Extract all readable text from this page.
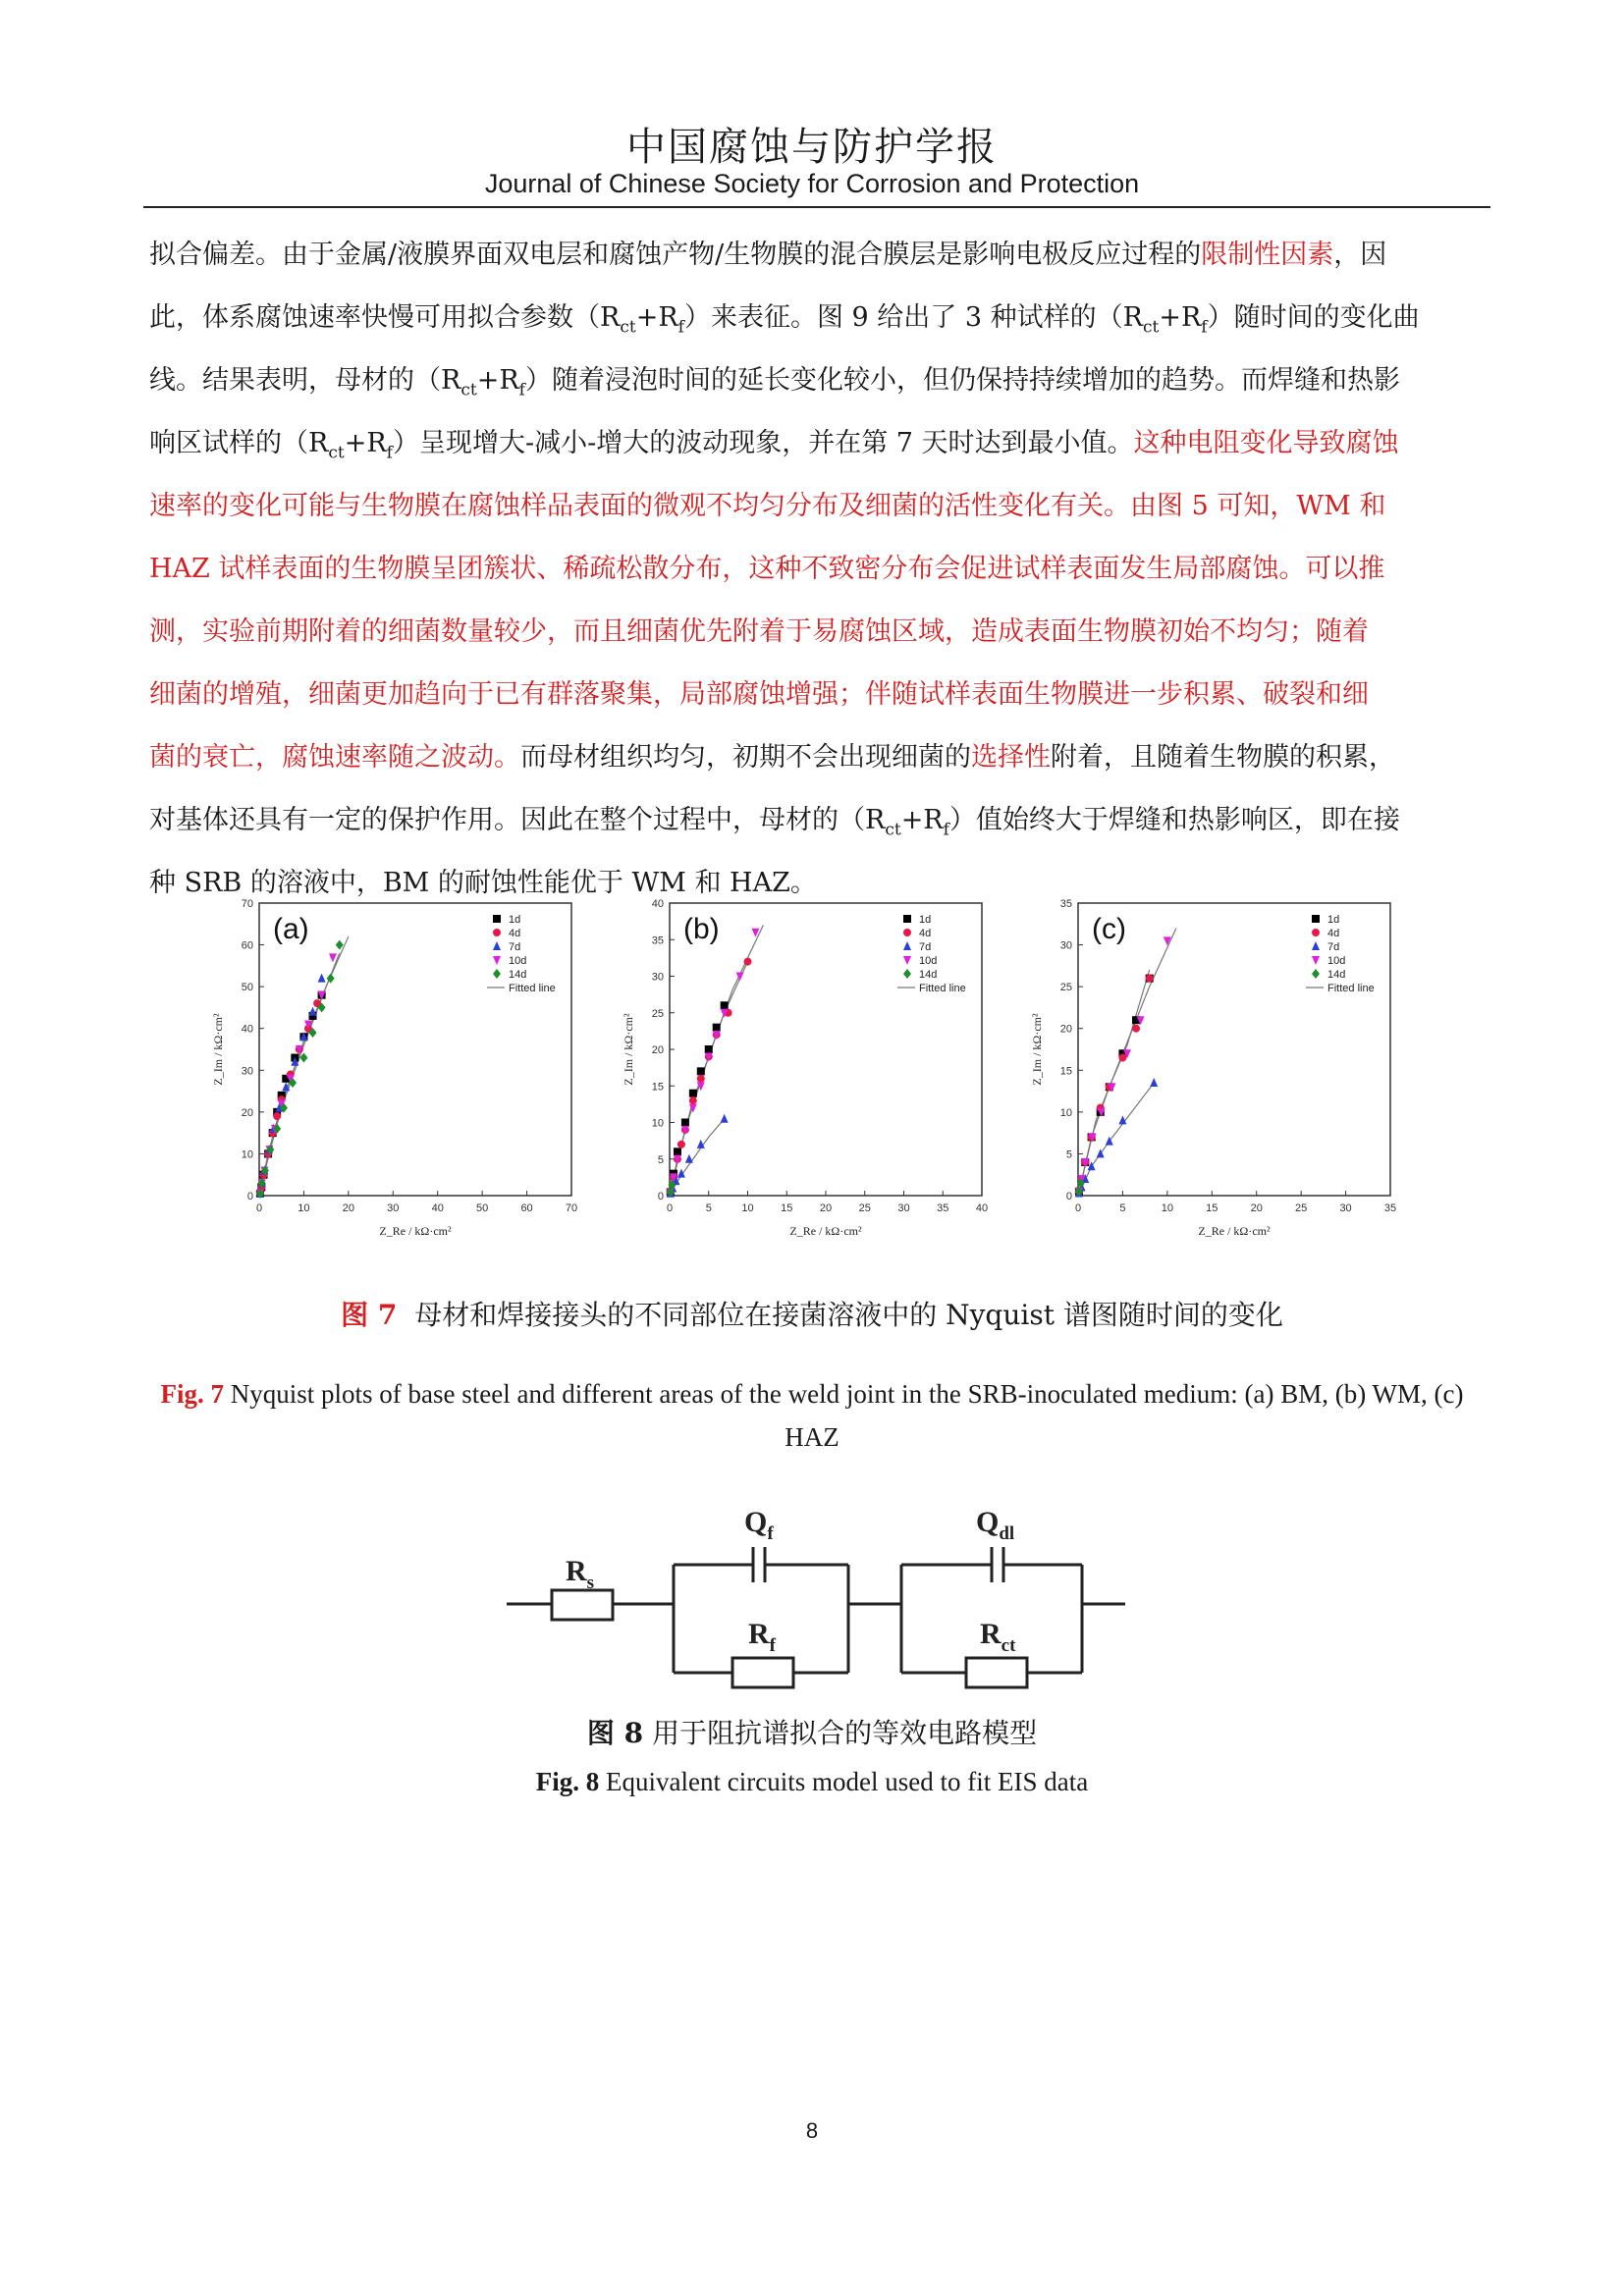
中国腐蚀与防护学报
Journal of Chinese Society for Corrosion and Protection
拟合偏差。由于金属/液膜界面双电层和腐蚀产物/生物膜的混合膜层是影响电极反应过程的限制性因素，因
此，体系腐蚀速率快慢可用拟合参数$(R_{ct}+R_f)$来表征。图 9 给出了 3 种试样的$(R_{ct}+R_f)$随时间的变化曲
线。结果表明，母材的$(R_{ct}+R_f)$随着浸泡时间的延长变化较小，但仍保持持续增加的趋势。而焊缝和热影
响区试样的$(R_{ct}+R_f)$呈现增大-减小-增大的波动现象，并在第 7 天时达到最小值。这种电阻变化导致腐蚀
速率的变化可能与生物膜在腐蚀样品表面的微观不均匀分布及细菌的活性变化有关。由图 5 可知，WM 和
HAZ 试样表面的生物膜呈团簇状、稀疏松散分布，这种不致密分布会促进试样表面发生局部腐蚀。可以推
测，实验前期附着的细菌数量较少，而且细菌优先附着于易腐蚀区域，造成表面生物膜初始不均匀；随着
细菌的增殖，细菌更加趋向于已有群落聚集，局部腐蚀增强；伴随试样表面生物膜进一步积累、破裂和细
菌的衰亡，腐蚀速率随之波动。而母材组织均匀，初期不会出现细菌的选择性附着，且随着生物膜的积累，
对基体还具有一定的保护作用。因此在整个过程中，母材的$(R_{ct}+R_f)$值始终大于焊缝和热影响区，即在接
种 SRB 的溶液中，BM 的耐蚀性能优于 WM 和 HAZ。
0	10	20	30	40	50	60	70
0
10
20
30
40
50
60
70
Z_Re / kΩ·cm²
Z_Im / kΩ·cm²
(a)	1d
4d
7d
10d
14d
Fitted line
0	5	10	15	20	25	30	35	40
0
5
10
15
20
25
30
35
40
Z_Re / kΩ·cm²
Z_Im / kΩ·cm²
(b)	1d
4d
7d
10d
14d
Fitted line
0	5	10	15	20	25	30	35
0
5
10
15
20
25
30
35
Z_Re / kΩ·cm²
Z_Im / kΩ·cm²
(c)	1d
4d
7d
10d
14d
Fitted line
图 7 母材和焊接接头的不同部位在接菌溶液中的 Nyquist 谱图随时间的变化
Fig. 7 Nyquist plots of base steel and different areas of the weld joint in the SRB-inoculated medium: (a) BM, (b) WM, (c) HAZ
$R_s$
$Q_f$
$R_f$
$Q_{dl}$
$R_{ct}$
图 8 用于阻抗谱拟合的等效电路模型
Fig. 8 Equivalent circuits model used to fit EIS data
8
